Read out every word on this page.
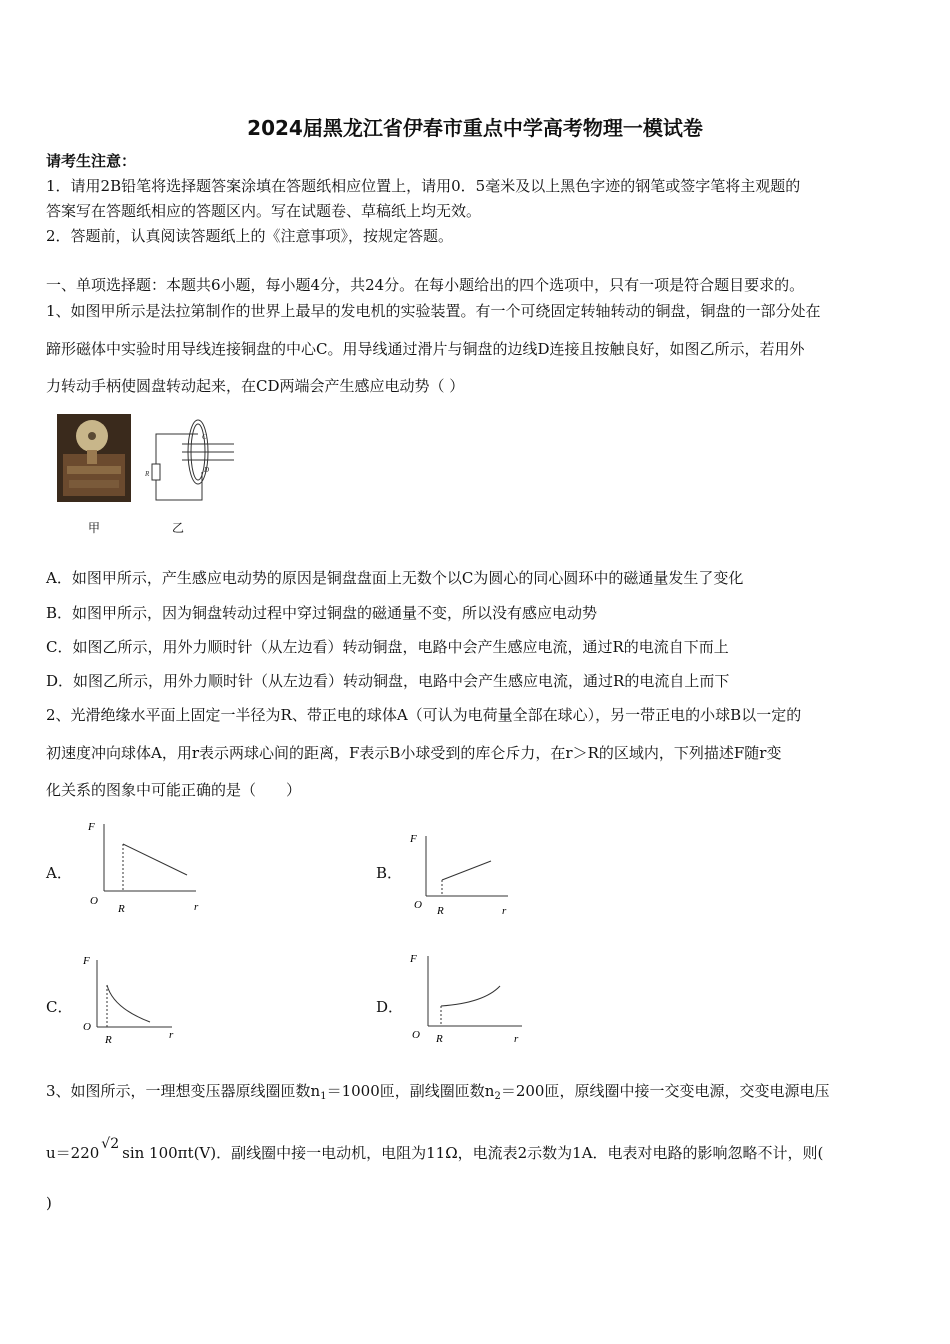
2024届黑龙江省伊春市重点中学高考物理一模试卷
请考生注意：
1．请用2B铅笔将选择题答案涂填在答题纸相应位置上，请用0．5毫米及以上黑色字迹的钢笔或签字笔将主观题的
答案写在答题纸相应的答题区内。写在试题卷、草稿纸上均无效。
2．答题前，认真阅读答题纸上的《注意事项》，按规定答题。
一、单项选择题：本题共6小题，每小题4分，共24分。在每小题给出的四个选项中，只有一项是符合题目要求的。
1、如图甲所示是法拉第制作的世界上最早的发电机的实验装置。有一个可绕固定转轴转动的铜盘，铜盘的一部分处在
蹄形磁体中实验时用导线连接铜盘的中心C。用导线通过滑片与铜盘的边线D连接且按触良好，如图乙所示，若用外
力转动手柄使圆盘转动起来，在CD两端会产生感应电动势（ ）
甲
C
D
R
乙
A．如图甲所示，产生感应电动势的原因是铜盘盘面上无数个以C为圆心的同心圆环中的磁通量发生了变化
B．如图甲所示，因为铜盘转动过程中穿过铜盘的磁通量不变，所以没有感应电动势
C．如图乙所示，用外力顺时针（从左边看）转动铜盘，电路中会产生感应电流，通过R的电流自下而上
D．如图乙所示，用外力顺时针（从左边看）转动铜盘，电路中会产生感应电流，通过R的电流自上而下
2、光滑绝缘水平面上固定一半径为R、带正电的球体A（可认为电荷量全部在球心），另一带正电的小球B以一定的
初速度冲向球体A，用r表示两球心间的距离，F表示B小球受到的库仑斥力，在r＞R的区域内，下列描述F随r变
化关系的图象中可能正确的是（　　）
A．
F
O
R	r
B．
F
O R	r
C．
F
O
R	r
D．
F
O R	r
3、如图所示，一理想变压器原线圈匝数$n_1=1000$匝，副线圈匝数$n_2=200$匝，原线圈中接一交变电源，交变电源电压
u＝220 √2 sin 100πt(V)．副线圈中接一电动机，电阻为11Ω，电流表2示数为1A．电表对电路的影响忽略不计，则(
)
